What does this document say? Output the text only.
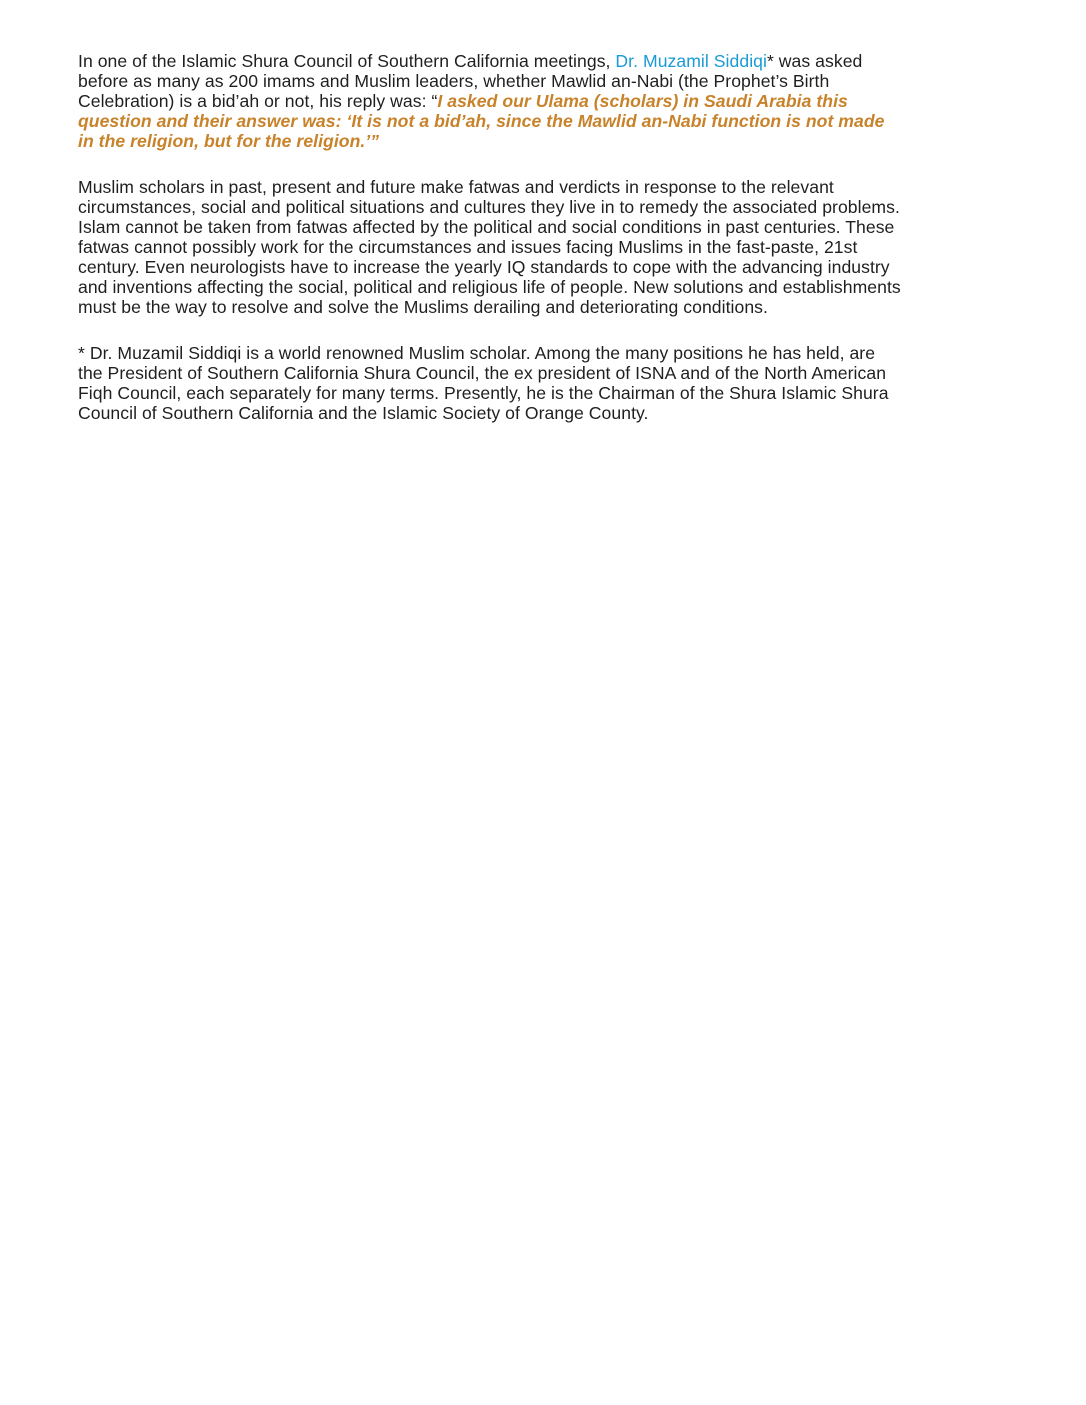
In one of the Islamic Shura Council of Southern California meetings, Dr. Muzamil Siddiqi* was asked
before as many as 200 imams and Muslim leaders, whether Mawlid an-Nabi (the Prophet’s Birth
Celebration) is a bid’ah or not, his reply was: “I asked our Ulama (scholars) in Saudi Arabia this
question and their answer was: ‘It is not a bid’ah, since the Mawlid an-Nabi function is not made
in the religion, but for the religion.’”

Muslim scholars in past, present and future make fatwas and verdicts in response to the relevant
circumstances, social and political situations and cultures they live in to remedy the associated problems.
Islam cannot be taken from fatwas affected by the political and social conditions in past centuries. These
fatwas cannot possibly work for the circumstances and issues facing Muslims in the fast-paste, 21st
century. Even neurologists have to increase the yearly IQ standards to cope with the advancing industry
and inventions affecting the social, political and religious life of people. New solutions and establishments
must be the way to resolve and solve the Muslims derailing and deteriorating conditions.

* Dr. Muzamil Siddiqi is a world renowned Muslim scholar. Among the many positions he has held, are
the President of Southern California Shura Council, the ex president of ISNA and of the North American
Fiqh Council, each separately for many terms. Presently, he is the Chairman of the Shura Islamic Shura
Council of Southern California and the Islamic Society of Orange County.
